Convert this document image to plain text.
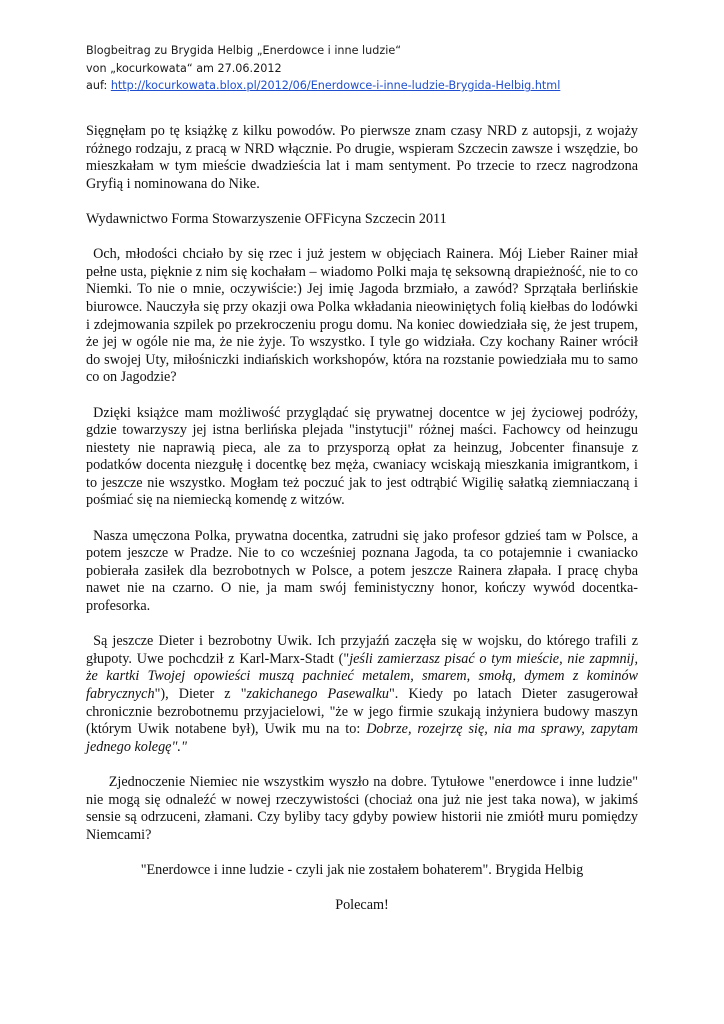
Blogbeitrag zu Brygida Helbig „Enerdowce i inne ludzie“
von „kocurkowata“ am 27.06.2012
auf: http://kocurkowata.blox.pl/2012/06/Enerdowce-i-inne-ludzie-Brygida-Helbig.html

Sięgnęłam po tę książkę z kilku powodów. Po pierwsze znam czasy NRD z autopsji, z wojaży różnego rodzaju, z pracą w NRD włącznie. Po drugie, wspieram Szczecin zawsze i wszędzie, bo mieszkałam w tym mieście dwadzieścia lat i mam sentyment. Po trzecie to rzecz nagrodzona Gryfią i nominowana do Nike.

Wydawnictwo Forma Stowarzyszenie OFFicyna Szczecin 2011

Och, młodości chciało by się rzec i już jestem w objęciach Rainera. Mój Lieber Rainer miał pełne usta, pięknie z nim się kochałam – wiadomo Polki maja tę seksowną drapieżność, nie to co Niemki. To nie o mnie, oczywiście:) Jej imię Jagoda brzmiało, a zawód? Sprzątała berlińskie biurowce. Nauczyła się przy okazji owa Polka wkładania nieowiniętych folią kiełbas do lodówki i zdejmowania szpilek po przekroczeniu progu domu. Na koniec dowiedziała się, że jest trupem, że jej w ogóle nie ma, że nie żyje. To wszystko. I tyle go widziała. Czy kochany Rainer wrócił do swojej Uty, miłośniczki indiańskich workshopów, która na rozstanie powiedziała mu to samo co on Jagodzie?

Dzięki książce mam możliwość przyglądać się prywatnej docentce w jej życiowej podróży, gdzie towarzyszy jej istna berlińska plejada "instytucji" różnej maści. Fachowcy od heinzugu niestety nie naprawią pieca, ale za to przysporzą opłat za heinzug, Jobcenter finansuje z podatków docenta niezgułę i docentkę bez męża, cwaniacy wciskają mieszkania imigrantkom, i to jeszcze nie wszystko. Mogłam też poczuć jak to jest odtrąbić Wigilię sałatką ziemniaczaną i pośmiać się na niemiecką komendę z witzów.

Nasza umęczona Polka, prywatna docentka, zatrudni się jako profesor gdzieś tam w Polsce, a potem jeszcze w Pradze. Nie to co wcześniej poznana Jagoda, ta co potajemnie i cwaniacko pobierała zasiłek dla bezrobotnych w Polsce, a potem jeszcze Rainera złapała. I pracę chyba nawet nie na czarno. O nie, ja mam swój feministyczny honor, kończy wywód docentka-profesorka.

Są jeszcze Dieter i bezrobotny Uwik. Ich przyjaźń zaczęła się w wojsku, do którego trafili z głupoty. Uwe pochcdził z Karl-Marx-Stadt ("jeśli zamierzasz pisać o tym mieście, nie zapmnij, że kartki Twojej opowieści muszą pachnieć metalem, smarem, smołą, dymem z kominów fabrycznych"), Dieter z "zakichanego Pasewalku". Kiedy po latach Dieter zasugerował chronicznie bezrobotnemu przyjacielowi, "że w jego firmie szukają inżyniera budowy maszyn (którym Uwik notabene był), Uwik mu na to: Dobrze, rozejrzę się, nia ma sprawy, zapytam jednego kolegę"."

Zjednoczenie Niemiec nie wszystkim wyszło na dobre. Tytułowe "enerdowce i inne ludzie" nie mogą się odnaleźć w nowej rzeczywistości (chociaż ona już nie jest taka nowa), w jakimś sensie są odrzuceni, złamani. Czy byliby tacy gdyby powiew historii nie zmiótł muru pomiędzy Niemcami?

"Enerdowce i inne ludzie - czyli jak nie zostałem bohaterem". Brygida Helbig

Polecam!
